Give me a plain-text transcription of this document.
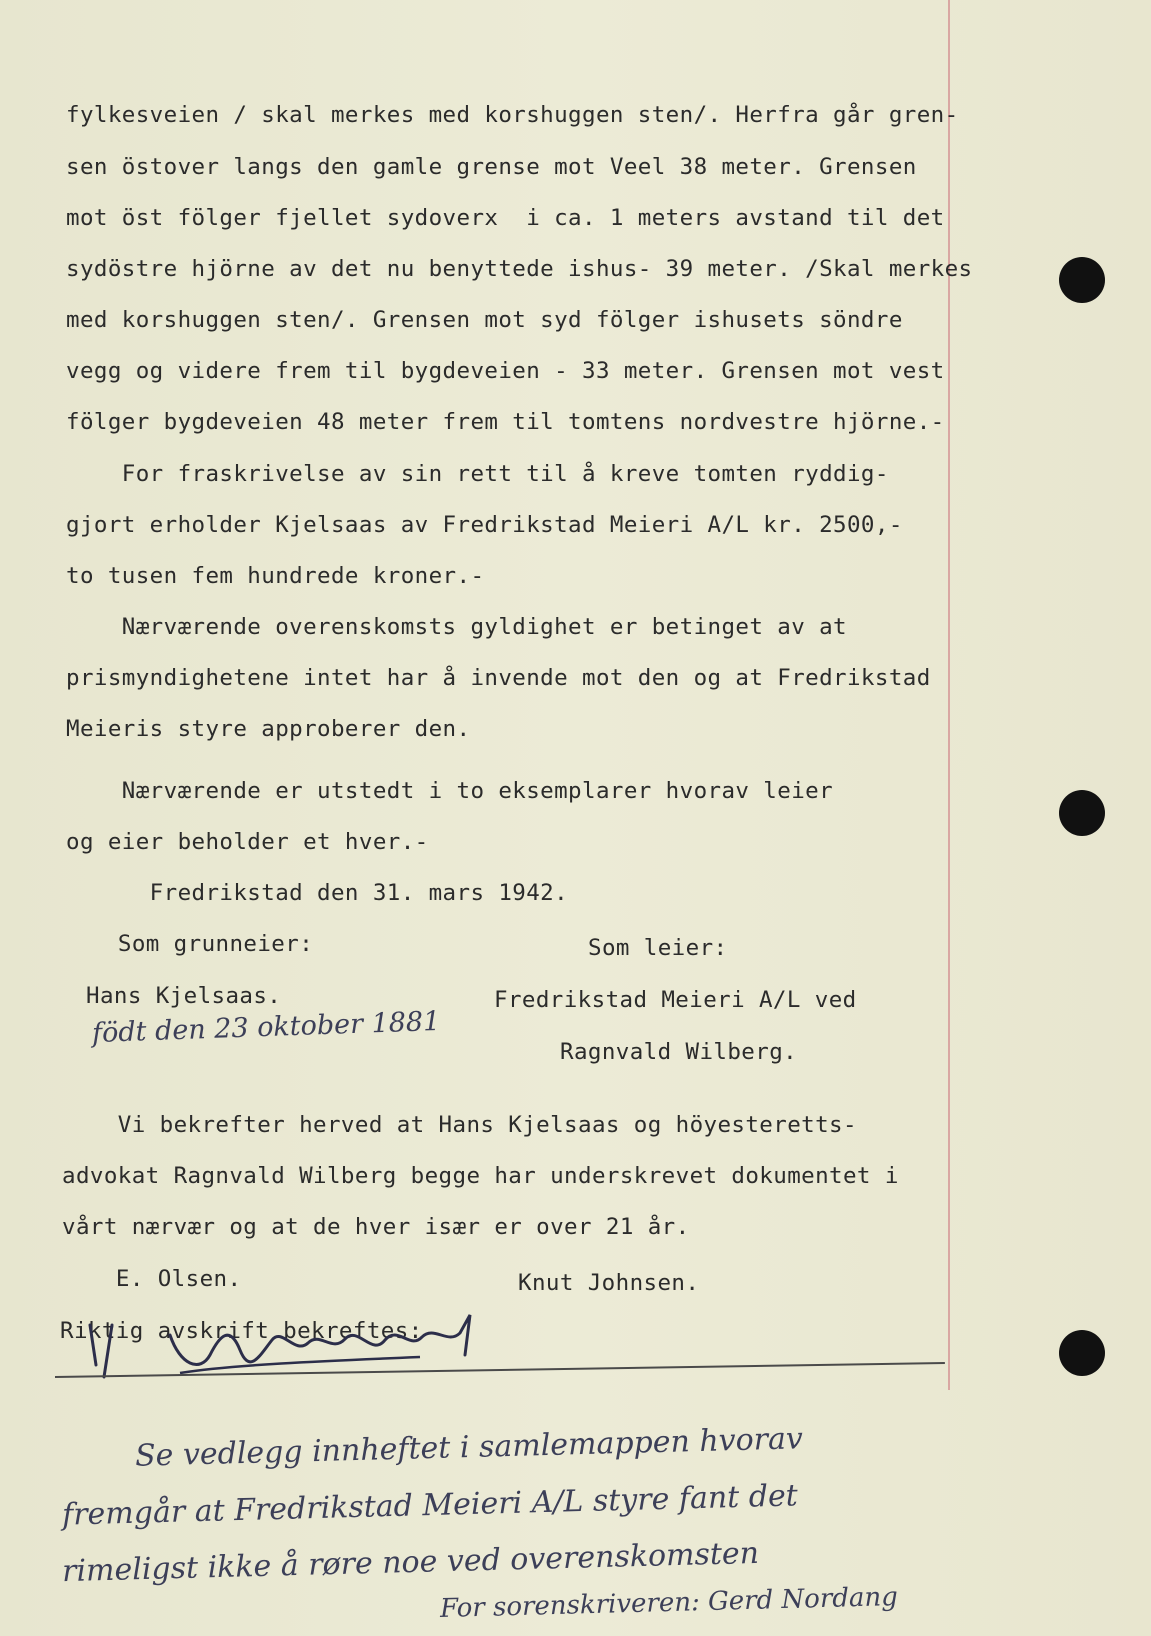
fylkesveien / skal merkes med korshuggen sten/. Herfra går gren-
sen östover langs den gamle grense mot Veel 38 meter. Grensen
mot öst fölger fjellet sydoverx  i ca. 1 meters avstand til det
sydöstre hjörne av det nu benyttede ishus- 39 meter. /Skal merkes
med korshuggen sten/. Grensen mot syd fölger ishusets söndre
vegg og videre frem til bygdeveien - 33 meter. Grensen mot vest
fölger bygdeveien 48 meter frem til tomtens nordvestre hjörne.-
For fraskrivelse av sin rett til å kreve tomten ryddig-
gjort erholder Kjelsaas av Fredrikstad Meieri A/L kr. 2500,-
to tusen fem hundrede kroner.-
Nærværende overenskomsts gyldighet er betinget av at
prismyndighetene intet har å invende mot den og at Fredrikstad
Meieris styre approberer den.
Nærværende er utstedt i to eksemplarer hvorav leier
og eier beholder et hver.-
Fredrikstad den 31. mars 1942.
Som grunneier:	Som leier:
Hans Kjelsaas.	Fredrikstad Meieri A/L ved
Ragnvald Wilberg.
födt den 23 oktober 1881
Vi bekrefter herved at Hans Kjelsaas og höyesteretts-
advokat Ragnvald Wilberg begge har underskrevet dokumentet i
vårt nærvær og at de hver især er over 21 år.
E. Olsen.	Knut Johnsen.
Riktig avskrift bekreftes:
Se vedlegg innheftet i samlemappen hvorav
fremgår at Fredrikstad Meieri A/L styre fant det
rimeligst ikke å røre noe ved overenskomsten
For sorenskriveren: Gerd Nordang
